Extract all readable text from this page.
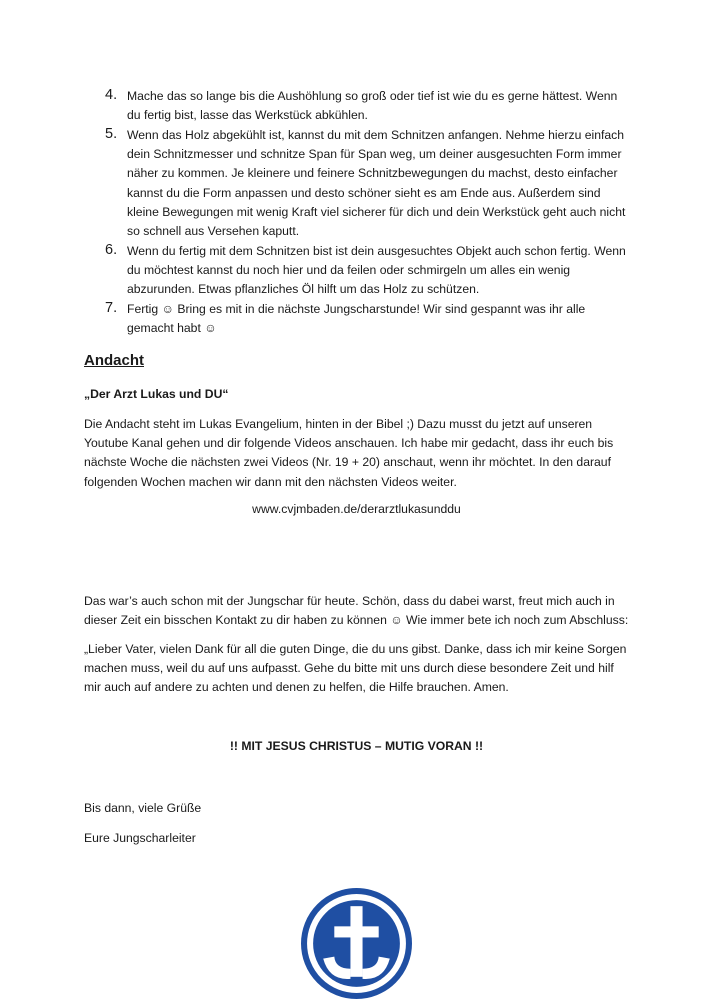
4. Mache das so lange bis die Aushöhlung so groß oder tief ist wie du es gerne hättest. Wenn du fertig bist, lasse das Werkstück abkühlen.
5. Wenn das Holz abgekühlt ist, kannst du mit dem Schnitzen anfangen. Nehme hierzu einfach dein Schnitzmesser und schnitze Span für Span weg, um deiner ausgesuchten Form immer näher zu kommen. Je kleinere und feinere Schnitzbewegungen du machst, desto einfacher kannst du die Form anpassen und desto schöner sieht es am Ende aus. Außerdem sind kleine Bewegungen mit wenig Kraft viel sicherer für dich und dein Werkstück geht auch nicht so schnell aus Versehen kaputt.
6. Wenn du fertig mit dem Schnitzen bist ist dein ausgesuchtes Objekt auch schon fertig. Wenn du möchtest kannst du noch hier und da feilen oder schmirgeln um alles ein wenig abzurunden. Etwas pflanzliches Öl hilft um das Holz zu schützen.
7. Fertig ☺ Bring es mit in die nächste Jungscharstunde! Wir sind gespannt was ihr alle gemacht habt ☺
Andacht

„Der Arzt Lukas und DU“

Die Andacht steht im Lukas Evangelium, hinten in der Bibel ;) Dazu musst du jetzt auf unseren Youtube Kanal gehen und dir folgende Videos anschauen. Ich habe mir gedacht, dass ihr euch bis nächste Woche die nächsten zwei Videos (Nr. 19 + 20) anschaut, wenn ihr möchtet. In den darauf folgenden Wochen machen wir dann mit den nächsten Videos weiter.

www.cvjmbaden.de/derarztlukasunddu

Das war’s auch schon mit der Jungschar für heute. Schön, dass du dabei warst, freut mich auch in dieser Zeit ein bisschen Kontakt zu dir haben zu können ☺ Wie immer bete ich noch zum Abschluss:

„Lieber Vater, vielen Dank für all die guten Dinge, die du uns gibst. Danke, dass ich mir keine Sorgen machen muss, weil du auf uns aufpasst. Gehe du bitte mit uns durch diese besondere Zeit und hilf mir auch auf andere zu achten und denen zu helfen, die Hilfe brauchen. Amen.

!! MIT JESUS CHRISTUS – MUTIG VORAN !!

Bis dann, viele Grüße

Eure Jungscharleiter
